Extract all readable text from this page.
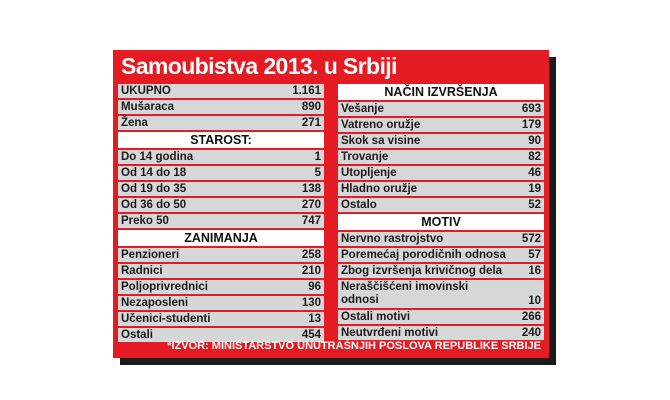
Samoubistva 2013. u Srbiji
UKUPNO	1.161
Mušaraca	890
Žena	271
STAROST:
Do 14 godina	1
Od 14 do 18	5
Od 19 do 35	138
Od 36 do 50	270
Preko 50	747
ZANIMANJA
Penzioneri	258
Radnici	210
Poljoprivrednici	96
Nezaposleni	130
Učenici-studenti	13
Ostali	454
NAČIN IZVRŠENJA
Vešanje	693
Vatreno oružje	179
Skok sa visine	90
Trovanje	82
Utopljenje	46
Hladno oružje	19
Ostalo	52
MOTIV
Nervno rastrojstvo	572
Poremećaj porodičnih odnosa 57
Zbog izvršenja krivičnog dela 16
Neraščišćeni imovinski odnosi	10
Ostali motivi	266
Neutvrđeni motivi	240
*IZVOR: MINISTARSTVO UNUTRAŠNJIH POSLOVA REPUBLIKE SRBIJE
